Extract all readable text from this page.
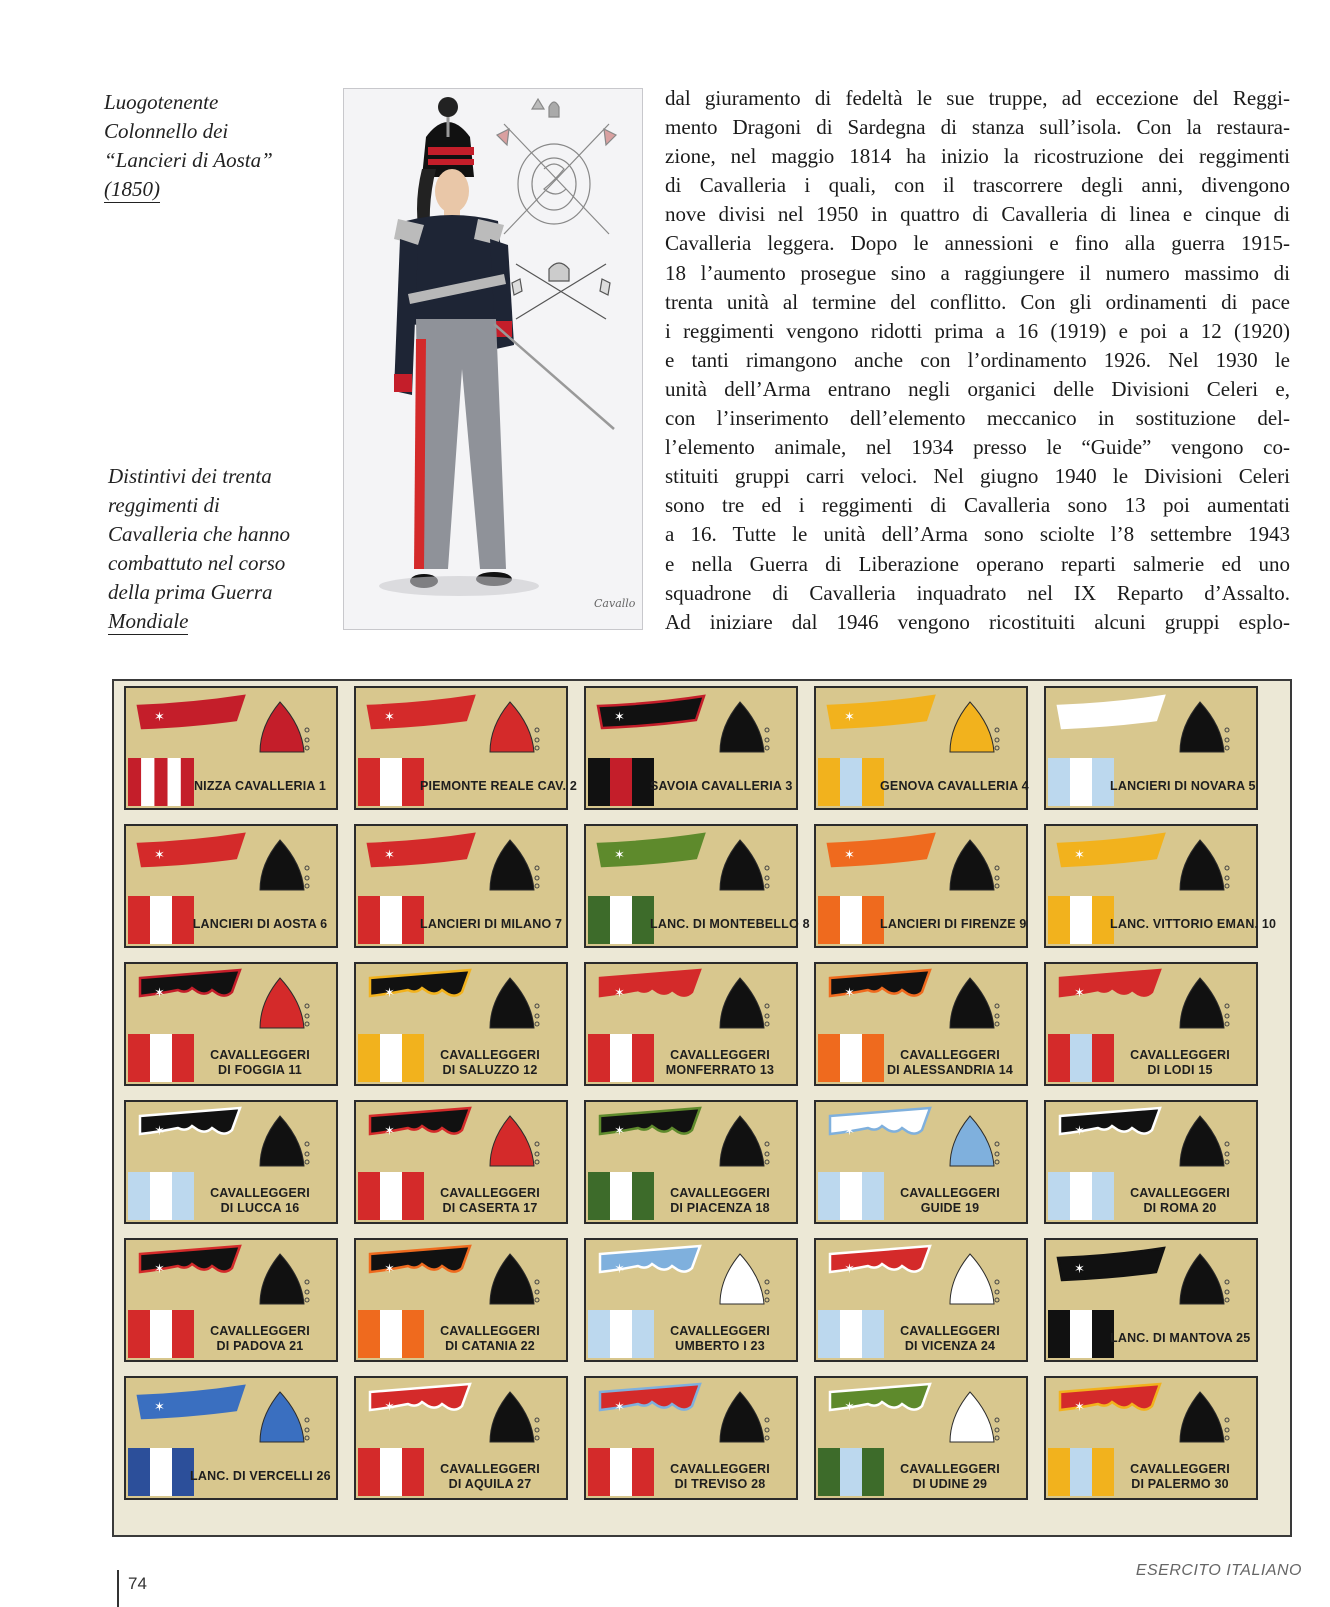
Luogotenente
Colonnello dei
“Lancieri di Aosta”
(1850)
Distintivi dei trenta
reggimenti di
Cavalleria che hanno
combattuto nel corso
della prima Guerra
Mondiale
Cavallo
dal giuramento di fedeltà le sue truppe, ad eccezione del Reggi-
mento Dragoni di Sardegna di stanza sull’isola. Con la restaura-
zione, nel maggio 1814 ha inizio la ricostruzione dei reggimenti
di Cavalleria i quali, con il trascorrere degli anni, divengono
nove divisi nel 1950 in quattro di Cavalleria di linea e cinque di
Cavalleria leggera. Dopo le annessioni e fino alla guerra 1915-
18 l’aumento prosegue sino a raggiungere il numero massimo di
trenta unità al termine del conflitto. Con gli ordinamenti di pace
i reggimenti vengono ridotti prima a 16 (1919) e poi a 12 (1920)
e tanti rimangono anche con l’ordinamento 1926. Nel 1930 le
unità dell’Arma entrano negli organici delle Divisioni Celeri e,
con l’inserimento dell’elemento meccanico in sostituzione del-
l’elemento animale, nel 1934 presso le “Guide” vengono co-
stituiti gruppi carri veloci. Nel giugno 1940 le Divisioni Celeri
sono tre ed i reggimenti di Cavalleria sono 13 poi aumentati
a 16. Tutte le unità dell’Arma sono sciolte l’8 settembre 1943
e nella Guerra di Liberazione operano reparti salmerie ed uno
squadrone di Cavalleria inquadrato nel IX Reparto d’Assalto.
Ad iniziare dal 1946 vengono ricostituiti alcuni gruppi esplo-
✶
NIZZA CAVALLERIA 1
✶
PIEMONTE REALE CAV. 2
✶
SAVOIA CAVALLERIA 3
✶
GENOVA CAVALLERIA 4
✶
LANCIERI DI NOVARA 5
✶
LANCIERI DI AOSTA 6
✶
LANCIERI DI MILANO 7
✶
LANC. DI MONTEBELLO 8
✶
LANCIERI DI FIRENZE 9
✶
LANC. VITTORIO EMAN. 10
✶
CAVALLEGGERI
DI FOGGIA 11
✶
CAVALLEGGERI
DI SALUZZO 12
✶
CAVALLEGGERI
MONFERRATO 13
✶
CAVALLEGGERI
DI ALESSANDRIA 14
✶
CAVALLEGGERI
DI LODI 15
✶
CAVALLEGGERI
DI LUCCA 16
✶
CAVALLEGGERI
DI CASERTA 17
✶
CAVALLEGGERI
DI PIACENZA 18
✶
CAVALLEGGERI
GUIDE 19
✶
CAVALLEGGERI
DI ROMA 20
✶
CAVALLEGGERI
DI PADOVA 21
✶
CAVALLEGGERI
DI CATANIA 22
✶
CAVALLEGGERI
UMBERTO I 23
✶
CAVALLEGGERI
DI VICENZA 24
✶
LANC. DI MANTOVA 25
✶
LANC. DI VERCELLI 26
✶
CAVALLEGGERI
DI AQUILA 27
✶
CAVALLEGGERI
DI TREVISO 28
✶
CAVALLEGGERI
DI UDINE 29
✶
CAVALLEGGERI
DI PALERMO 30
74
ESERCITO ITALIANO
